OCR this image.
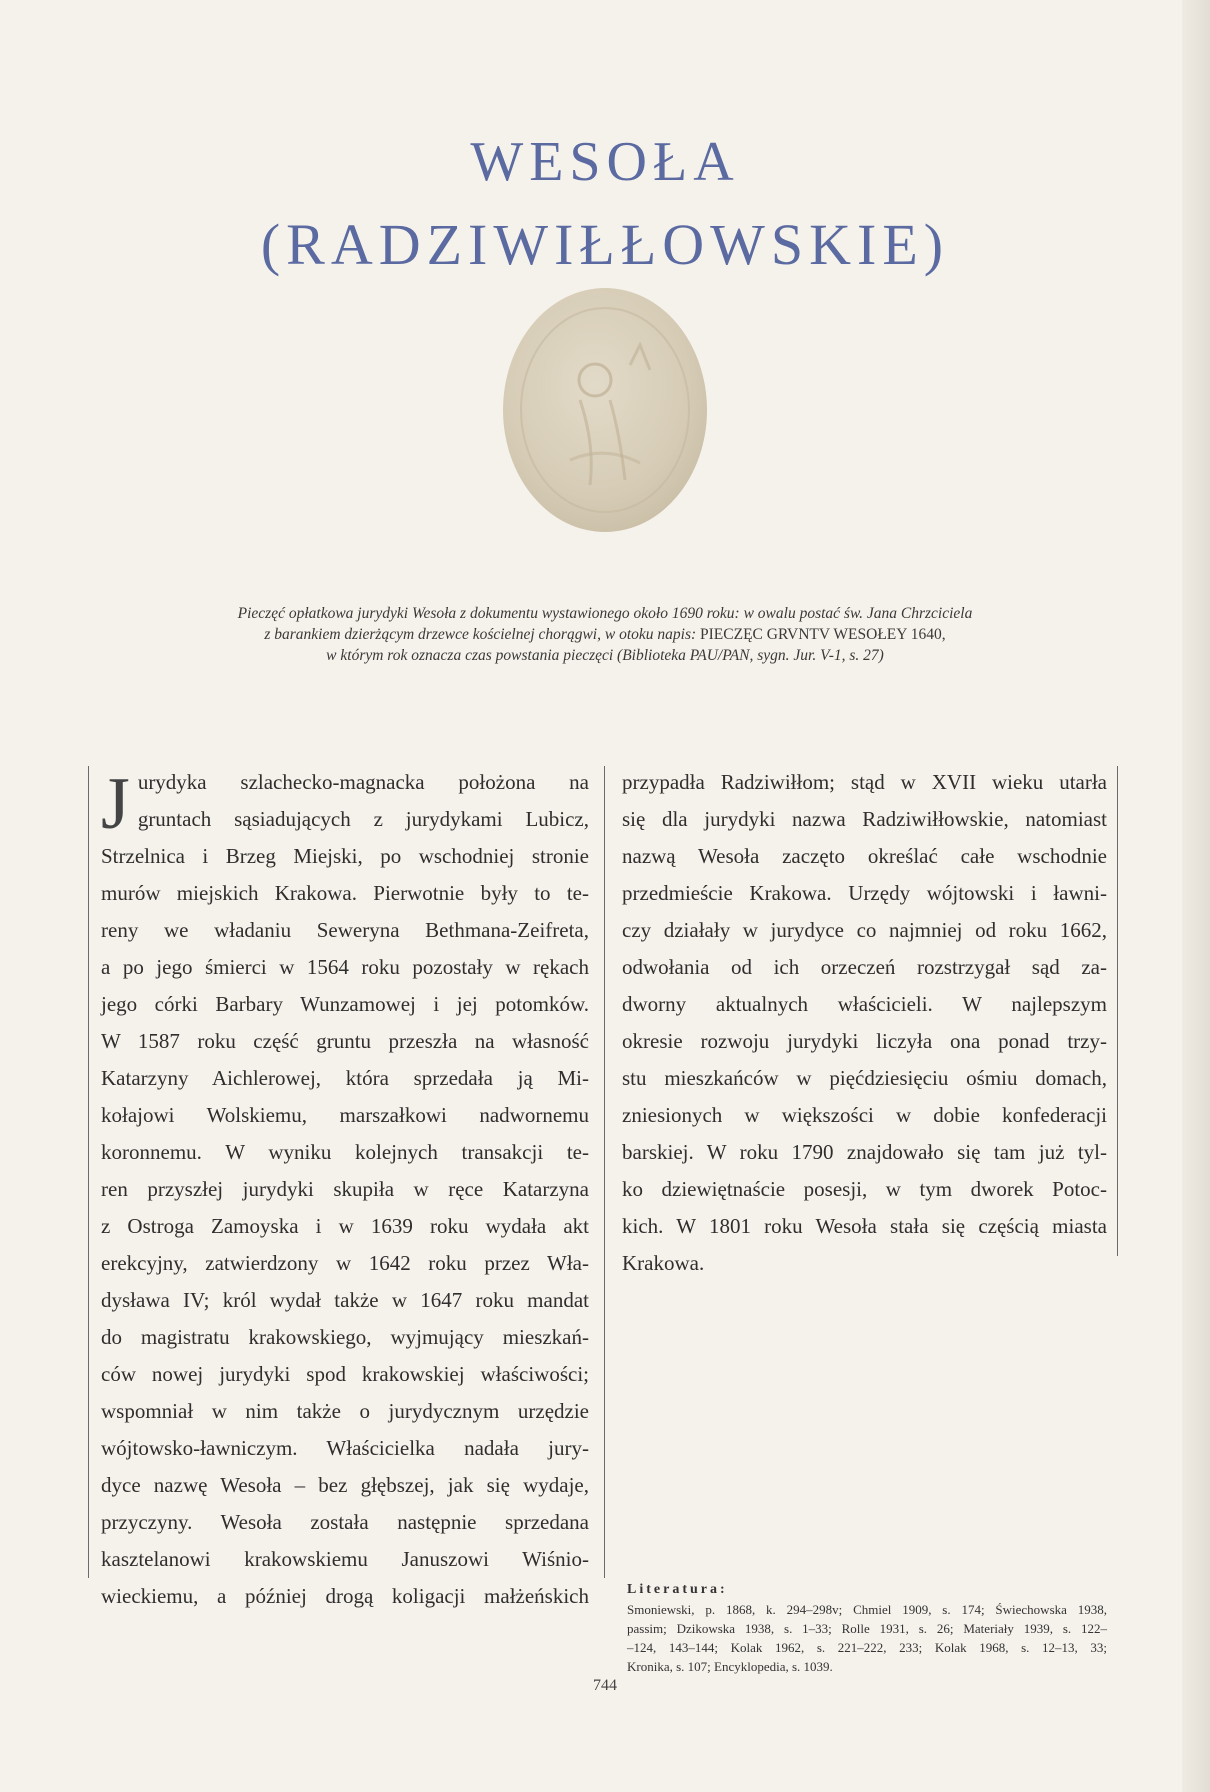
WESOŁA
(RADZIWIŁŁOWSKIE)

Pieczęć opłatkowa jurydyki Wesoła z dokumentu wystawionego około 1690 roku: w owalu postać św. Jana Chrzciciela

z barankiem dzierżącym drzewce kościelnej chorągwi, w otoku napis: PIECZĘC GRVNTV WESOŁEY 1640,

w którym rok oznacza czas powstania pieczęci (Biblioteka PAU/PAN, sygn. Jur. V-1, s. 27)

J urydyka szlachecko-magnacka położona na

gruntach sąsiadujących z jurydykami Lubicz,

Strzelnica i Brzeg Miejski, po wschodniej stronie

murów miejskich Krakowa. Pierwotnie były to te-

reny we władaniu Seweryna Bethmana-Zeifreta,

a po jego śmierci w 1564 roku pozostały w rękach

jego córki Barbary Wunzamowej i jej potomków.

W 1587 roku część gruntu przeszła na własność

Katarzyny Aichlerowej, która sprzedała ją Mi-

kołajowi Wolskiemu, marszałkowi nadwornemu

koronnemu. W wyniku kolejnych transakcji te-

ren przyszłej jurydyki skupiła w ręce Katarzyna

z Ostroga Zamoyska i w 1639 roku wydała akt

erekcyjny, zatwierdzony w 1642 roku przez Wła-

dysława IV; król wydał także w 1647 roku mandat

do magistratu krakowskiego, wyjmujący mieszkań-

ców nowej jurydyki spod krakowskiej właściwości;

wspomniał w nim także o jurydycznym urzędzie

wójtowsko-ławniczym. Właścicielka nadała jury-

dyce nazwę Wesoła – bez głębszej, jak się wydaje,

przyczyny. Wesoła została następnie sprzedana

kasztelanowi krakowskiemu Januszowi Wiśnio-

wieckiemu, a później drogą koligacji małżeńskich

przypadła Radziwiłłom; stąd w XVII wieku utarła

się dla jurydyki nazwa Radziwiłłowskie, natomiast

nazwą Wesoła zaczęto określać całe wschodnie

przedmieście Krakowa. Urzędy wójtowski i ławni-

czy działały w jurydyce co najmniej od roku 1662,

odwołania od ich orzeczeń rozstrzygał sąd za-

dworny aktualnych właścicieli. W najlepszym

okresie rozwoju jurydyki liczyła ona ponad trzy-

stu mieszkańców w pięćdziesięciu ośmiu domach,

zniesionych w większości w dobie konfederacji

barskiej. W roku 1790 znajdowało się tam już tyl-

ko dziewiętnaście posesji, w tym dworek Potoc-

kich. W 1801 roku Wesoła stała się częścią miasta

Krakowa.

Literatura:

Smoniewski, p. 1868, k. 294–298v; Chmiel 1909, s. 174; Świechowska 1938,

passim; Dzikowska 1938, s. 1–33; Rolle 1931, s. 26; Materiały 1939, s. 122–

–124, 143–144; Kolak 1962, s. 221–222, 233; Kolak 1968, s. 12–13, 33;

Kronika, s. 107; Encyklopedia, s. 1039.

744
